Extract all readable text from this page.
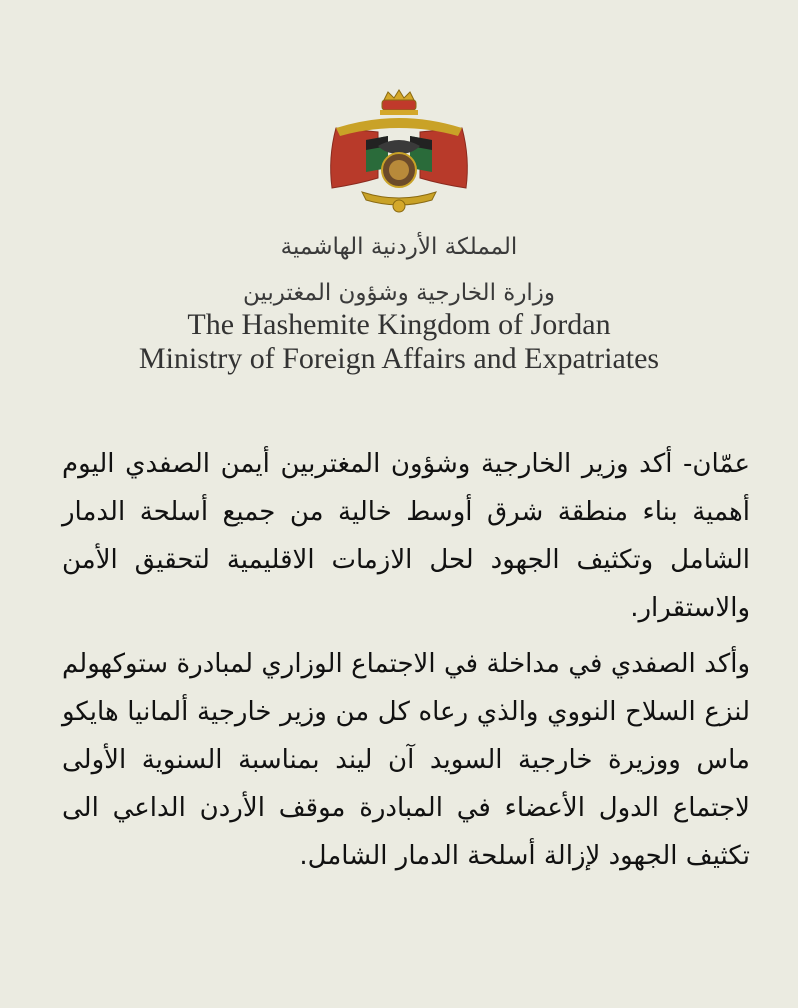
المملكة الأردنية الهاشمية
وزارة الخارجية وشؤون المغتربين
The Hashemite Kingdom of Jordan
Ministry of Foreign Affairs and Expatriates

عمّان- أكد وزير الخارجية وشؤون المغتربين أيمن الصفدي اليوم أهمية بناء منطقة شرق أوسط خالية من جميع أسلحة الدمار الشامل وتكثيف الجهود لحل الازمات الاقليمية لتحقيق الأمن والاستقرار.

وأكد الصفدي في مداخلة في الاجتماع الوزاري لمبادرة ستوكهولم لنزع السلاح النووي والذي رعاه كل من وزير خارجية ألمانيا هايكو ماس ووزيرة خارجية السويد آن ليند بمناسبة السنوية الأولى لاجتماع الدول الأعضاء في المبادرة موقف الأردن الداعي الى تكثيف الجهود لإزالة أسلحة الدمار الشامل.
